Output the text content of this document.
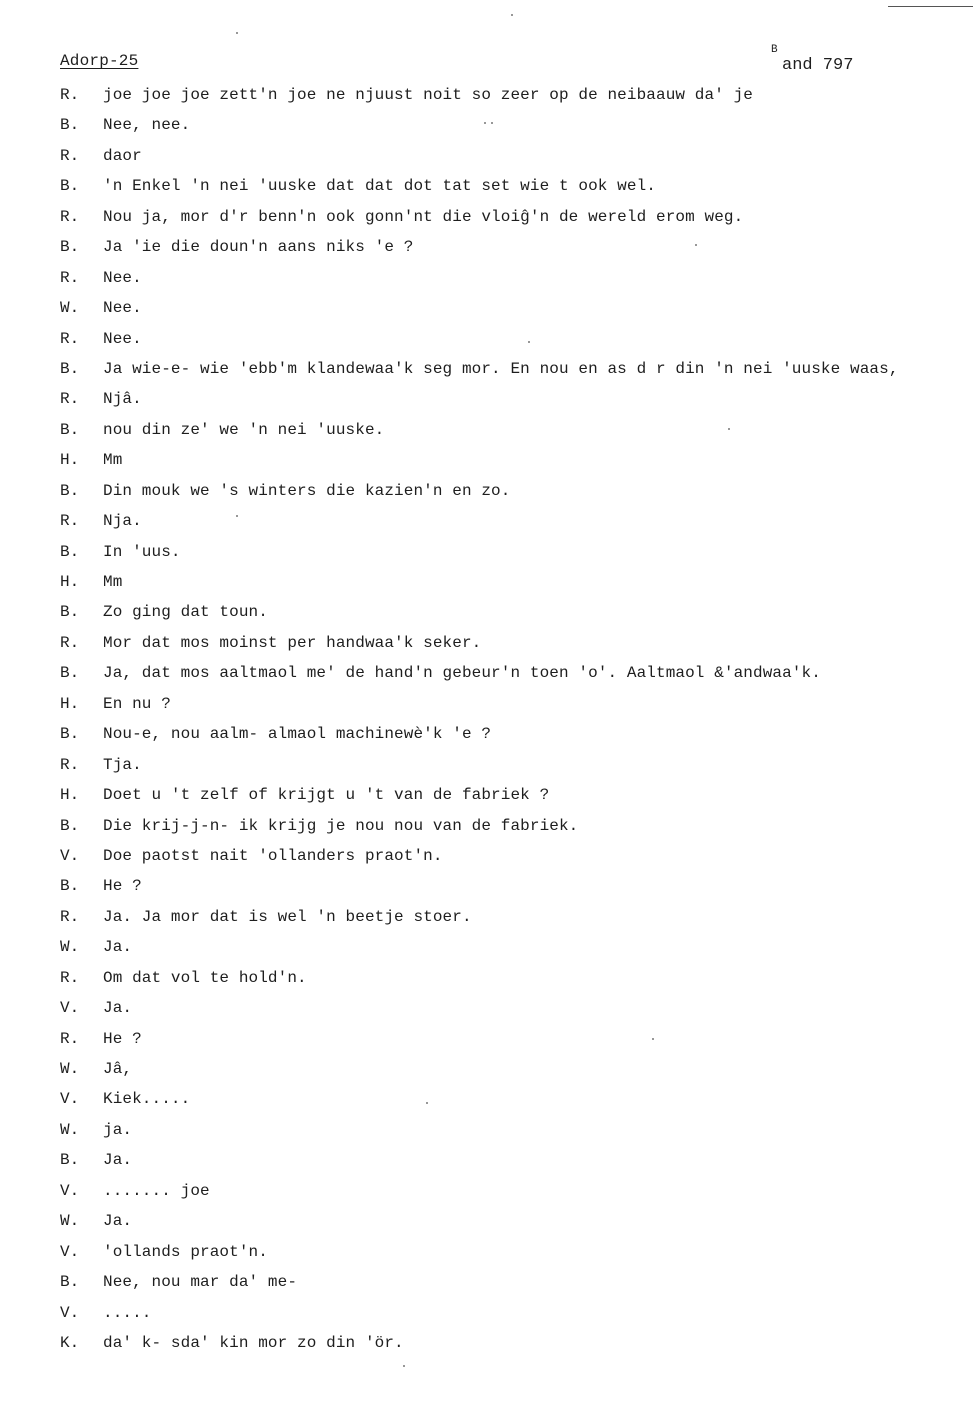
Adorp-25
B
and 797
R. joe joe joe zett'n joe ne njuust noit so zeer op de neibaauw da' je
B. Nee, nee.
R. daor
B. 'n Enkel 'n nei 'uuske dat dat dot tat set wie t ook wel.
R. Nou ja, mor d'r benn'n ook gonn'nt die vloiĝ'n de wereld erom weg.
B. Ja 'ie die doun'n aans niks 'e ?
R. Nee.
W. Nee.
R. Nee.
B. Ja wie-e- wie 'ebb'm klandewaa'k seg mor. En nou en as d r din 'n nei 'uuske waas,
R. Njâ.
B. nou din ze' we 'n nei 'uuske.
H. Mm
B. Din mouk we 's winters die kazien'n en zo.
R. Nja.
B. In 'uus.
H. Mm
B. Zo ging dat toun.
R. Mor dat mos moinst per handwaa'k seker.
B. Ja, dat mos aaltmaol me' de hand'n gebeur'n toen 'o'. Aaltmaol &'andwaa'k.
H. En nu ?
B. Nou-e, nou aalm- almaol machinewè'k 'e ?
R. Tja.
H. Doet u 't zelf of krijgt u 't van de fabriek ?
B. Die krij-j-n- ik krijg je nou nou van de fabriek.
V. Doe paotst nait 'ollanders praot'n.
B. He ?
R. Ja. Ja mor dat is wel 'n beetje stoer.
W. Ja.
R. Om dat vol te hold'n.
V. Ja.
R. He ?
W. Jâ,
V. Kiek.....
W. ja.
B. Ja.
V. ....... joe
W. Ja.
V. 'ollands praot'n.
B. Nee, nou mar da' me-
V. .....
K. da' k- sda' kin mor zo din 'ör.
